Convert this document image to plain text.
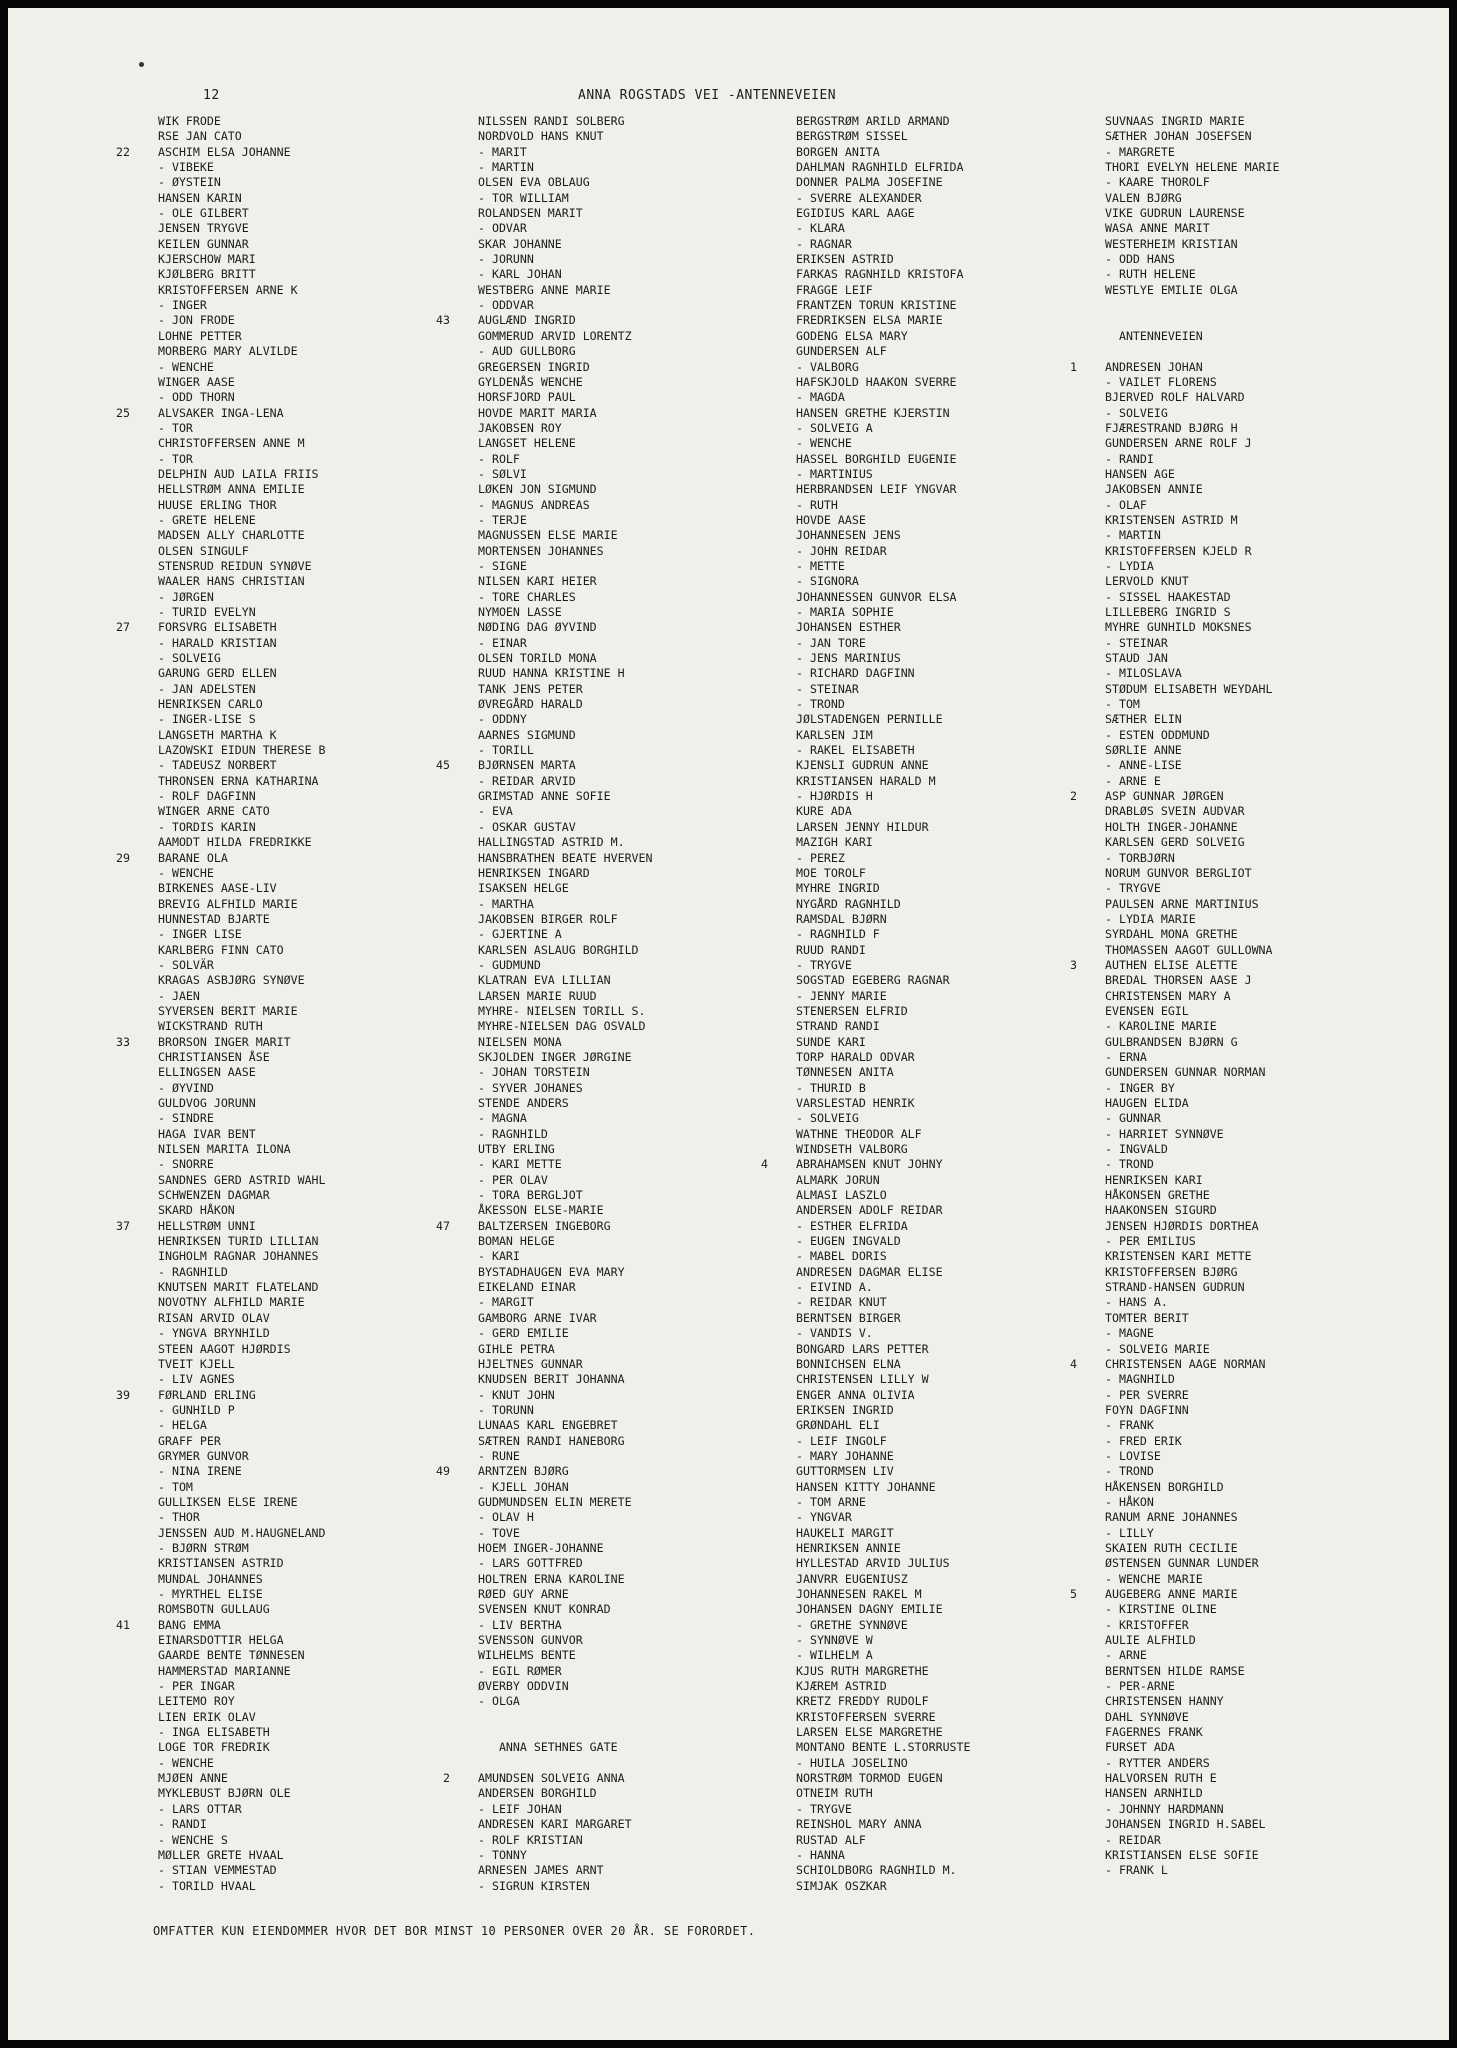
12	ANNA ROGSTADS VEI -ANTENNEVEIEN
WIK FRODE
RSE JAN CATO
22 ASCHIM ELSA JOHANNE
- VIBEKE
- ØYSTEIN
HANSEN KARIN
- OLE GILBERT
JENSEN TRYGVE
KEILEN GUNNAR
KJERSCHOW MARI
KJØLBERG BRITT
KRISTOFFERSEN ARNE K
- INGER
- JON FRODE
LOHNE PETTER
MORBERG MARY ALVILDE
- WENCHE
WINGER AASE
- ODD THORN
25 ALVSAKER INGA-LENA
- TOR
CHRISTOFFERSEN ANNE M
- TOR
DELPHIN AUD LAILA FRIIS
HELLSTRØM ANNA EMILIE
HUUSE ERLING THOR
- GRETE HELENE
MADSEN ALLY CHARLOTTE
OLSEN SINGULF
STENSRUD REIDUN SYNØVE
WAALER HANS CHRISTIAN
- JØRGEN
- TURID EVELYN
27 FORSVRG ELISABETH
- HARALD KRISTIAN
- SOLVEIG
GARUNG GERD ELLEN
- JAN ADELSTEN
HENRIKSEN CARLO
- INGER-LISE S
LANGSETH MARTHA K
LAZOWSKI EIDUN THERESE B
- TADEUSZ NORBERT
THRONSEN ERNA KATHARINA
- ROLF DAGFINN
WINGER ARNE CATO
- TORDIS KARIN
AAMODT HILDA FREDRIKKE
29 BARANE OLA
- WENCHE
BIRKENES AASE-LIV
BREVIG ALFHILD MARIE
HUNNESTAD BJARTE
- INGER LISE
KARLBERG FINN CATO
- SOLVÄR
KRAGAS ASBJØRG SYNØVE
- JAEN
SYVERSEN BERIT MARIE
WICKSTRAND RUTH
33 BRORSON INGER MARIT
CHRISTIANSEN ÅSE
ELLINGSEN AASE
- ØYVIND
GULDVOG JORUNN
- SINDRE
HAGA IVAR BENT
NILSEN MARITA ILONA
- SNORRE
SANDNES GERD ASTRID WAHL
SCHWENZEN DAGMAR
SKARD HÅKON
37 HELLSTRØM UNNI
HENRIKSEN TURID LILLIAN
INGHOLM RAGNAR JOHANNES
- RAGNHILD
KNUTSEN MARIT FLATELAND
NOVOTNY ALFHILD MARIE
RISAN ARVID OLAV
- YNGVA BRYNHILD
STEEN AAGOT HJØRDIS
TVEIT KJELL
- LIV AGNES
39 FØRLAND ERLING
- GUNHILD P
- HELGA
GRAFF PER
GRYMER GUNVOR
- NINA IRENE
- TOM
GULLIKSEN ELSE IRENE
- THOR
JENSSEN AUD M.HAUGNELAND
- BJØRN STRØM
KRISTIANSEN ASTRID
MUNDAL JOHANNES
- MYRTHEL ELISE
ROMSBOTN GULLAUG
41 BANG EMMA
EINARSDOTTIR HELGA
GAARDE BENTE TØNNESEN
HAMMERSTAD MARIANNE
- PER INGAR
LEITEMO ROY
LIEN ERIK OLAV
- INGA ELISABETH
LOGE TOR FREDRIK
- WENCHE
MJØEN ANNE
MYKLEBUST BJØRN OLE
- LARS OTTAR
- RANDI
- WENCHE S
MØLLER GRETE HVAAL
- STIAN VEMMESTAD
- TORILD HVAAL
NILSSEN RANDI SOLBERG
NORDVOLD HANS KNUT
- MARIT
- MARTIN
OLSEN EVA OBLAUG
- TOR WILLIAM
ROLANDSEN MARIT
- ODVAR
SKAR JOHANNE
- JORUNN
- KARL JOHAN
WESTBERG ANNE MARIE
- ODDVAR
43 AUGLÆND INGRID
GOMMERUD ARVID LORENTZ
- AUD GULLBORG
GREGERSEN INGRID
GYLDENÅS WENCHE
HORSFJORD PAUL
HOVDE MARIT MARIA
JAKOBSEN ROY
LANGSET HELENE
- ROLF
- SØLVI
LØKEN JON SIGMUND
- MAGNUS ANDREAS
- TERJE
MAGNUSSEN ELSE MARIE
MORTENSEN JOHANNES
- SIGNE
NILSEN KARI HEIER
- TORE CHARLES
NYMOEN LASSE
NØDING DAG ØYVIND
- EINAR
OLSEN TORILD MONA
RUUD HANNA KRISTINE H
TANK JENS PETER
ØVREGÅRD HARALD
- ODDNY
AARNES SIGMUND
- TORILL
45 BJØRNSEN MARTA
- REIDAR ARVID
GRIMSTAD ANNE SOFIE
- EVA
- OSKAR GUSTAV
HALLINGSTAD ASTRID M.
HANSBRATHEN BEATE HVERVEN
HENRIKSEN INGARD
ISAKSEN HELGE
- MARTHA
JAKOBSEN BIRGER ROLF
- GJERTINE A
KARLSEN ASLAUG BORGHILD
- GUDMUND
KLATRAN EVA LILLIAN
LARSEN MARIE RUUD
MYHRE- NIELSEN TORILL S.
MYHRE-NIELSEN DAG OSVALD
NIELSEN MONA
SKJOLDEN INGER JØRGINE
- JOHAN TORSTEIN
- SYVER JOHANES
STENDE ANDERS
- MAGNA
- RAGNHILD
UTBY ERLING
- KARI METTE
- PER OLAV
- TORA BERGLJOT
ÅKESSON ELSE-MARIE
47 BALTZERSEN INGEBORG
BOMAN HELGE
- KARI
BYSTADHAUGEN EVA MARY
EIKELAND EINAR
- MARGIT
GAMBORG ARNE IVAR
- GERD EMILIE
GIHLE PETRA
HJELTNES GUNNAR
KNUDSEN BERIT JOHANNA
- KNUT JOHN
- TORUNN
LUNAAS KARL ENGEBRET
SÆTREN RANDI HANEBORG
- RUNE
49 ARNTZEN BJØRG
- KJELL JOHAN
GUDMUNDSEN ELIN MERETE
- OLAV H
- TOVE
HOEM INGER-JOHANNE
- LARS GOTTFRED
HOLTREN ERNA KAROLINE
RØED GUY ARNE
SVENSEN KNUT KONRAD
- LIV BERTHA
SVENSSON GUNVOR
WILHELMS BENTE
- EGIL RØMER
ØVERBY ODDVIN
- OLGA
ANNA SETHNES GATE
2 AMUNDSEN SOLVEIG ANNA
ANDERSEN BORGHILD
- LEIF JOHAN
ANDRESEN KARI MARGARET
- ROLF KRISTIAN
- TONNY
ARNESEN JAMES ARNT
- SIGRUN KIRSTEN
BERGSTRØM ARILD ARMAND
BERGSTRØM SISSEL
BORGEN ANITA
DAHLMAN RAGNHILD ELFRIDA
DONNER PALMA JOSEFINE
- SVERRE ALEXANDER
EGIDIUS KARL AAGE
- KLARA
- RAGNAR
ERIKSEN ASTRID
FARKAS RAGNHILD KRISTOFA
FRAGGE LEIF
FRANTZEN TORUN KRISTINE
FREDRIKSEN ELSA MARIE
GODENG ELSA MARY
GUNDERSEN ALF
- VALBORG
HAFSKJOLD HAAKON SVERRE
- MAGDA
HANSEN GRETHE KJERSTIN
- SOLVEIG A
- WENCHE
HASSEL BORGHILD EUGENIE
- MARTINIUS
HERBRANDSEN LEIF YNGVAR
- RUTH
HOVDE AASE
JOHANNESEN JENS
- JOHN REIDAR
- METTE
- SIGNORA
JOHANNESSEN GUNVOR ELSA
- MARIA SOPHIE
JOHANSEN ESTHER
- JAN TORE
- JENS MARINIUS
- RICHARD DAGFINN
- STEINAR
- TROND
JØLSTADENGEN PERNILLE
KARLSEN JIM
- RAKEL ELISABETH
KJENSLI GUDRUN ANNE
KRISTIANSEN HARALD M
- HJØRDIS H
KURE ADA
LARSEN JENNY HILDUR
MAZIGH KARI
- PEREZ
MOE TOROLF
MYHRE INGRID
NYGÅRD RAGNHILD
RAMSDAL BJØRN
- RAGNHILD F
RUUD RANDI
- TRYGVE
SOGSTAD EGEBERG RAGNAR
- JENNY MARIE
STENERSEN ELFRID
STRAND RANDI
SUNDE KARI
TORP HARALD ODVAR
TØNNESEN ANITA
- THURID B
VARSLESTAD HENRIK
- SOLVEIG
WATHNE THEODOR ALF
WINDSETH VALBORG
4 ABRAHAMSEN KNUT JOHNY
ALMARK JORUN
ALMASI LASZLO
ANDERSEN ADOLF REIDAR
- ESTHER ELFRIDA
- EUGEN INGVALD
- MABEL DORIS
ANDRESEN DAGMAR ELISE
- EIVIND A.
- REIDAR KNUT
BERNTSEN BIRGER
- VANDIS V.
BONGARD LARS PETTER
BONNICHSEN ELNA
CHRISTENSEN LILLY W
ENGER ANNA OLIVIA
ERIKSEN INGRID
GRØNDAHL ELI
- LEIF INGOLF
- MARY JOHANNE
GUTTORMSEN LIV
HANSEN KITTY JOHANNE
- TOM ARNE
- YNGVAR
HAUKELI MARGIT
HENRIKSEN ANNIE
HYLLESTAD ARVID JULIUS
JANVRR EUGENIUSZ
JOHANNESEN RAKEL M
JOHANSEN DAGNY EMILIE
- GRETHE SYNNØVE
- SYNNØVE W
- WILHELM A
KJUS RUTH MARGRETHE
KJÆREM ASTRID
KRETZ FREDDY RUDOLF
KRISTOFFERSEN SVERRE
LARSEN ELSE MARGRETHE
MONTANO BENTE L.STORRUSTE
- HUILA JOSELINO
NORSTRØM TORMOD EUGEN
OTNEIM RUTH
- TRYGVE
REINSHOL MARY ANNA
RUSTAD ALF
- HANNA
SCHIOLDBORG RAGNHILD M.
SIMJAK OSZKAR
SUVNAAS INGRID MARIE
SÆTHER JOHAN JOSEFSEN
- MARGRETE
THORI EVELYN HELENE MARIE
- KAARE THOROLF
VALEN BJØRG
VIKE GUDRUN LAURENSE
WASA ANNE MARIT
WESTERHEIM KRISTIAN
- ODD HANS
- RUTH HELENE
WESTLYE EMILIE OLGA
ANTENNEVEIEN
1 ANDRESEN JOHAN
- VAILET FLORENS
BJERVED ROLF HALVARD
- SOLVEIG
FJÆRESTRAND BJØRG H
GUNDERSEN ARNE ROLF J
- RANDI
HANSEN AGE
JAKOBSEN ANNIE
- OLAF
KRISTENSEN ASTRID M
- MARTIN
KRISTOFFERSEN KJELD R
- LYDIA
LERVOLD KNUT
- SISSEL HAAKESTAD
LILLEBERG INGRID S
MYHRE GUNHILD MOKSNES
- STEINAR
STAUD JAN
- MILOSLAVA
STØDUM ELISABETH WEYDAHL
- TOM
SÆTHER ELIN
- ESTEN ODDMUND
SØRLIE ANNE
- ANNE-LISE
- ARNE E
2 ASP GUNNAR JØRGEN
DRABLØS SVEIN AUDVAR
HOLTH INGER-JOHANNE
KARLSEN GERD SOLVEIG
- TORBJØRN
NORUM GUNVOR BERGLIOT
- TRYGVE
PAULSEN ARNE MARTINIUS
- LYDIA MARIE
SYRDAHL MONA GRETHE
THOMASSEN AAGOT GULLOWNA
3 AUTHEN ELISE ALETTE
BREDAL THORSEN AASE J
CHRISTENSEN MARY A
EVENSEN EGIL
- KAROLINE MARIE
GULBRANDSEN BJØRN G
- ERNA
GUNDERSEN GUNNAR NORMAN
- INGER BY
HAUGEN ELIDA
- GUNNAR
- HARRIET SYNNØVE
- INGVALD
- TROND
HENRIKSEN KARI
HÅKONSEN GRETHE
HAAKONSEN SIGURD
JENSEN HJØRDIS DORTHEA
- PER EMILIUS
KRISTENSEN KARI METTE
KRISTOFFERSEN BJØRG
STRAND-HANSEN GUDRUN
- HANS A.
TOMTER BERIT
- MAGNE
- SOLVEIG MARIE
4 CHRISTENSEN AAGE NORMAN
- MAGNHILD
- PER SVERRE
FOYN DAGFINN
- FRANK
- FRED ERIK
- LOVISE
- TROND
HÅKENSEN BORGHILD
- HÅKON
RANUM ARNE JOHANNES
- LILLY
SKAIEN RUTH CECILIE
ØSTENSEN GUNNAR LUNDER
- WENCHE MARIE
5 AUGEBERG ANNE MARIE
- KIRSTINE OLINE
- KRISTOFFER
AULIE ALFHILD
- ARNE
BERNTSEN HILDE RAMSE
- PER-ARNE
CHRISTENSEN HANNY
DAHL SYNNØVE
FAGERNES FRANK
FURSET ADA
- RYTTER ANDERS
HALVORSEN RUTH E
HANSEN ARNHILD
- JOHNNY HARDMANN
JOHANSEN INGRID H.SABEL
- REIDAR
KRISTIANSEN ELSE SOFIE
- FRANK L
OMFATTER KUN EIENDOMMER HVOR DET BOR MINST 10 PERSONER OVER 20 ÅR. SE FORORDET.
